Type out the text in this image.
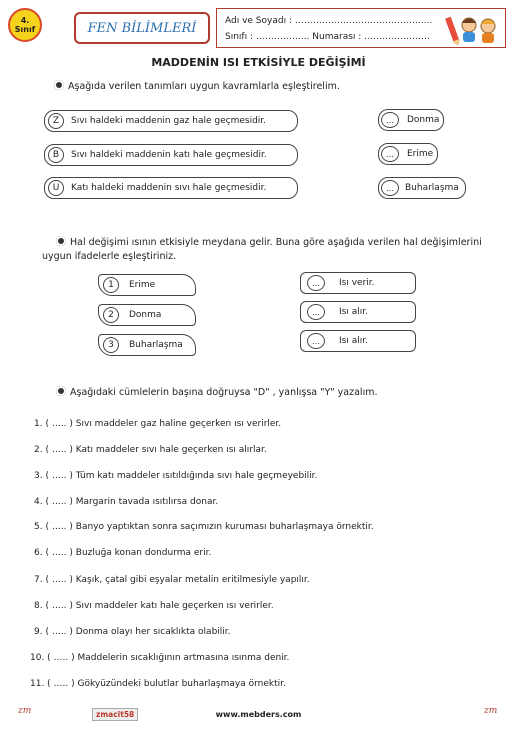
4.
Sınıf	FEN BİLİMLERİ	Adı ve Soyadı : ……………………………………....
Sınıfı : ……………... Numarası : ……………….…
MADDENİN ISI ETKİSİYLE DEĞİŞİMİ
Aşağıda verilen tanımları uygun kavramlarla eşleştirelim.
Z	Sıvı haldeki maddenin gaz hale geçmesidir.
B	Sıvı haldeki maddenin katı hale geçmesidir.
U	Katı haldeki maddenin sıvı hale geçmesidir.
…	Donma
…	Erime
…	Buharlaşma
Hal değişimi ısının etkisiyle meydana gelir. Buna göre aşağıda verilen hal değişimlerini
uygun ifadelerle eşleştiriniz.
1	Erime
2	Donma
3	Buharlaşma
…	Isı verir.
…	Isı alır.
…	Isı alır.
Aşağıdaki cümlelerin başına doğruysa "D" , yanlışsa "Y" yazalım.
1. ( ….. ) Sıvı maddeler gaz haline geçerken ısı verirler.
2. ( ….. ) Katı maddeler sıvı hale geçerken ısı alırlar.
3. ( ….. ) Tüm katı maddeler ısıtıldığında sıvı hale geçmeyebilir.
4. ( ….. ) Margarin tavada ısıtılırsa donar.
5. ( ….. ) Banyo yaptıktan sonra saçımızın kuruması buharlaşmaya örnektir.
6. ( ….. ) Buzluğa konan dondurma erir.
7. ( ….. ) Kaşık, çatal gibi eşyalar metalin eritilmesiyle yapılır.
8. ( ….. ) Sıvı maddeler katı hale geçerken ısı verirler.
9. ( ….. ) Donma olayı her sıcaklıkta olabilir.
10. ( ….. ) Maddelerin sıcaklığının artmasına ısınma denir.
11. ( ….. ) Gökyüzündeki bulutlar buharlaşmaya örnektir.
zm	zmacit58	www.mebders.com	zm
